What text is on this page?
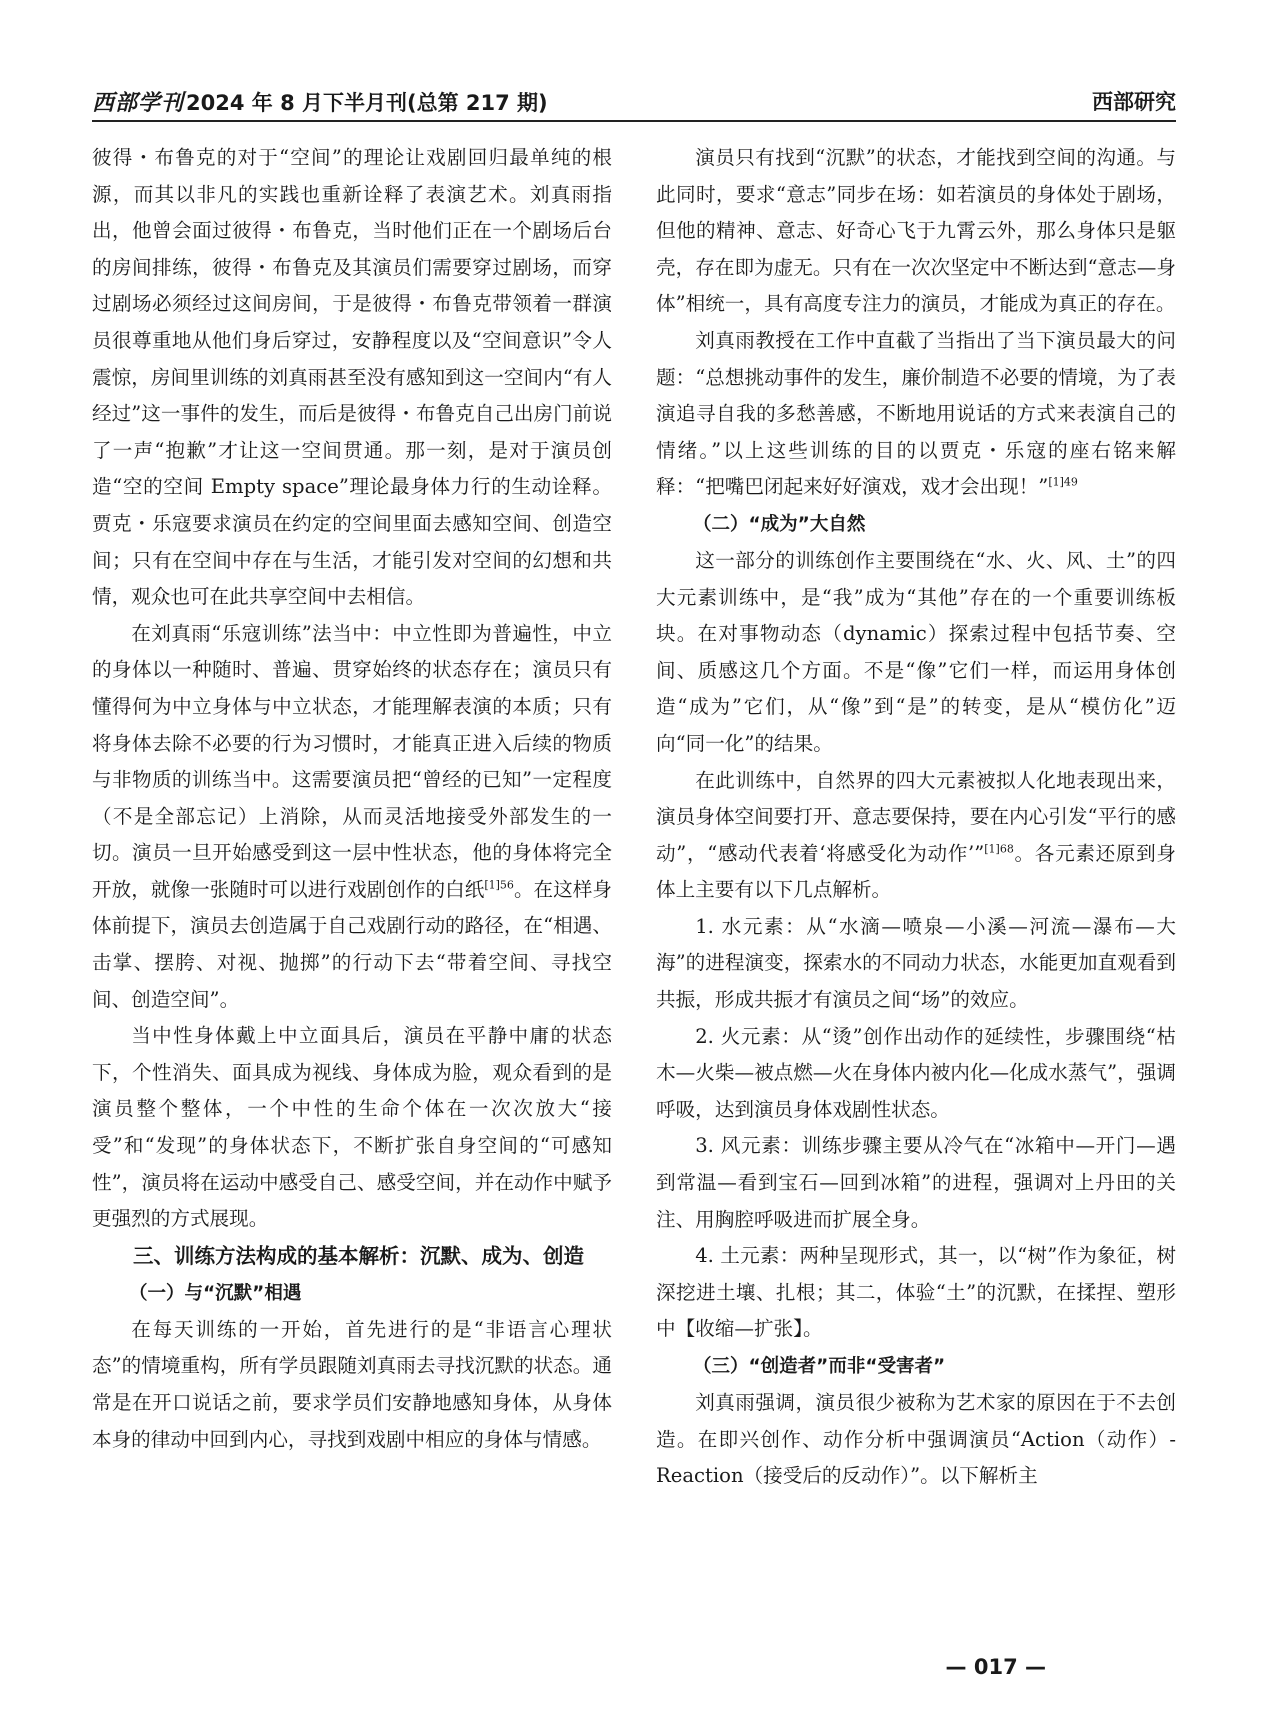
西部学刊2024 年 8 月下半月刊(总第 217 期)	西部研究

彼得・布鲁克的对于“空间”的理论让戏剧回归最单纯的根源，而其以非凡的实践也重新诠释了表演艺术。刘真雨指出，他曾会面过彼得・布鲁克，当时他们正在一个剧场后台的房间排练，彼得・布鲁克及其演员们需要穿过剧场，而穿过剧场必须经过这间房间，于是彼得・布鲁克带领着一群演员很尊重地从他们身后穿过，安静程度以及“空间意识”令人震惊，房间里训练的刘真雨甚至没有感知到这一空间内“有人经过”这一事件的发生，而后是彼得・布鲁克自己出房门前说了一声“抱歉”才让这一空间贯通。那一刻，是对于演员创造“空的空间 Empty space”理论最身体力行的生动诠释。贾克・乐寇要求演员在约定的空间里面去感知空间、创造空间；只有在空间中存在与生活，才能引发对空间的幻想和共情，观众也可在此共享空间中去相信。

在刘真雨“乐寇训练”法当中：中立性即为普遍性，中立的身体以一种随时、普遍、贯穿始终的状态存在；演员只有懂得何为中立身体与中立状态，才能理解表演的本质；只有将身体去除不必要的行为习惯时，才能真正进入后续的物质与非物质的训练当中。这需要演员把“曾经的已知”一定程度（不是全部忘记）上消除，从而灵活地接受外部发生的一切。演员一旦开始感受到这一层中性状态，他的身体将完全开放，就像一张随时可以进行戏剧创作的白纸$^{[1]56}$。在这样身体前提下，演员去创造属于自己戏剧行动的路径，在“相遇、击掌、摆胯、对视、抛掷”的行动下去“带着空间、寻找空间、创造空间”。

当中性身体戴上中立面具后，演员在平静中庸的状态下，个性消失、面具成为视线、身体成为脸，观众看到的是演员整个整体，一个中性的生命个体在一次次放大“接受”和“发现”的身体状态下，不断扩张自身空间的“可感知性”，演员将在运动中感受自己、感受空间，并在动作中赋予更强烈的方式展现。

三、训练方法构成的基本解析：沉默、成为、创造
（一）与“沉默”相遇

在每天训练的一开始，首先进行的是“非语言心理状态”的情境重构，所有学员跟随刘真雨去寻找沉默的状态。通常是在开口说话之前，要求学员们安静地感知身体，从身体本身的律动中回到内心，寻找到戏剧中相应的身体与情感。

演员只有找到“沉默”的状态，才能找到空间的沟通。与此同时，要求“意志”同步在场：如若演员的身体处于剧场，但他的精神、意志、好奇心飞于九霄云外，那么身体只是躯壳，存在即为虚无。只有在一次次坚定中不断达到“意志—身体”相统一，具有高度专注力的演员，才能成为真正的存在。

刘真雨教授在工作中直截了当指出了当下演员最大的问题：“总想挑动事件的发生，廉价制造不必要的情境，为了表演追寻自我的多愁善感，不断地用说话的方式来表演自己的情绪。”以上这些训练的目的以贾克・乐寇的座右铭来解释：“把嘴巴闭起来好好演戏，戏才会出现！”$^{[1]49}$

（二）“成为”大自然

这一部分的训练创作主要围绕在“水、火、风、土”的四大元素训练中，是“我”成为“其他”存在的一个重要训练板块。在对事物动态（dynamic）探索过程中包括节奏、空间、质感这几个方面。不是“像”它们一样，而运用身体创造“成为”它们，从“像”到“是”的转变，是从“模仿化”迈向“同一化”的结果。

在此训练中，自然界的四大元素被拟人化地表现出来，演员身体空间要打开、意志要保持，要在内心引发“平行的感动”，“感动代表着‘将感受化为动作’”$^{[1]68}$。各元素还原到身体上主要有以下几点解析。

1. 水元素：从“水滴—喷泉—小溪—河流—瀑布—大海”的进程演变，探索水的不同动力状态，水能更加直观看到共振，形成共振才有演员之间“场”的效应。

2. 火元素：从“烫”创作出动作的延续性，步骤围绕“枯木—火柴—被点燃—火在身体内被内化—化成水蒸气”，强调呼吸，达到演员身体戏剧性状态。

3. 风元素：训练步骤主要从冷气在“冰箱中—开门—遇到常温—看到宝石—回到冰箱”的进程，强调对上丹田的关注、用胸腔呼吸进而扩展全身。

4. 土元素：两种呈现形式，其一，以“树”作为象征，树深挖进土壤、扎根；其二，体验“土”的沉默，在揉捏、塑形中【收缩—扩张】。

（三）“创造者”而非“受害者”

刘真雨强调，演员很少被称为艺术家的原因在于不去创造。在即兴创作、动作分析中强调演员“Action（动作）-Reaction（接受后的反动作）”。以下解析主

— 017 —
